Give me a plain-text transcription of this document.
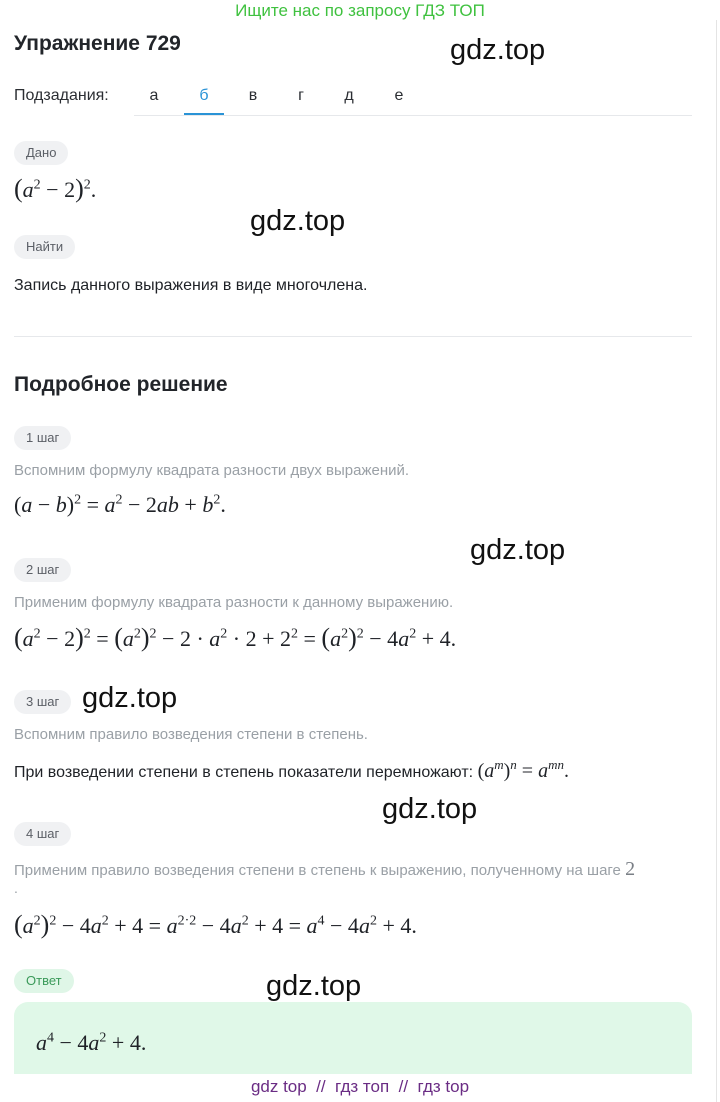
Ищите нас по запросу ГДЗ ТОП
Упражнение 729
Подзадания:	а	б	в	г	д	е
Дано
$(a^2 - 2)^2$.
Найти
Запись данного выражения в виде многочлена.
Подробное решение
1 шаг
Вспомним формулу квадрата разности двух выражений.
$(a - b)^2 = a^2 - 2ab + b^2$.
2 шаг
Применим формулу квадрата разности к данному выражению.
$(a^2 - 2)^2 = (a^2)^2 - 2 \cdot a^2 \cdot 2 + 2^2 = (a^2)^2 - 4a^2 + 4$.
3 шаг
Вспомним правило возведения степени в степень.
При возведении степени в степень показатели перемножают: $(a^m)^n = a^{mn}$.
4 шаг
Применим правило возведения степени в степень к выражению, полученному на шаге 2
.
$(a^2)^2 - 4a^2 + 4 = a^{2\cdot 2} - 4a^2 + 4 = a^4 - 4a^2 + 4$.
Ответ
$a^4 - 4a^2 + 4$.
gdz.top
gdz.top
gdz.top
gdz.top
gdz.top
gdz.top
gdz top  //  гдз топ  //  гдз top
